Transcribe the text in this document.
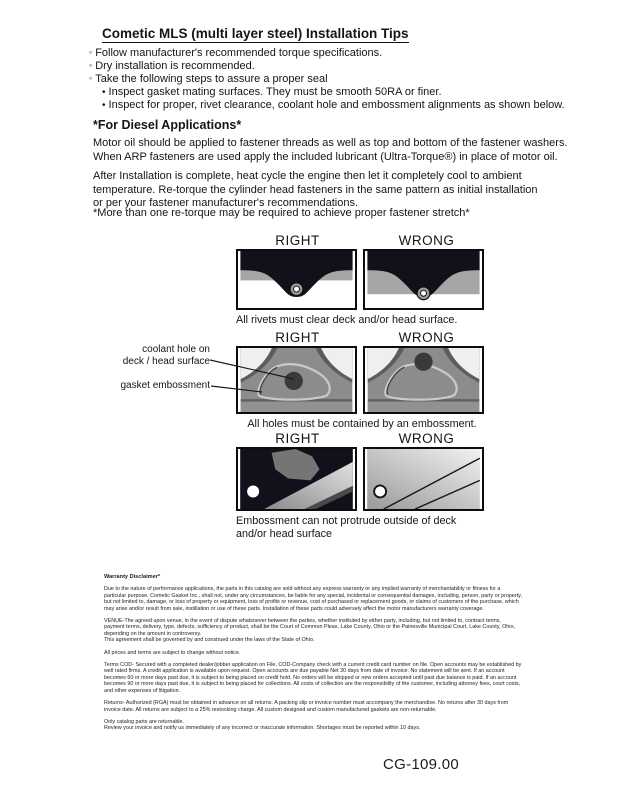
Cometic MLS (multi layer steel) Installation Tips
◦ Follow manufacturer's recommended torque specifications.
◦ Dry installation is recommended.
◦ Take the following steps to assure a proper seal
• Inspect gasket mating surfaces. They must be smooth 50RA or finer.
• Inspect for proper, rivet clearance, coolant hole and embossment alignments as shown below.
*For Diesel Applications*
Motor oil should be applied to fastener threads as well as top and bottom of the fastener washers.
When ARP fasteners are used apply the included lubricant (Ultra-Torque®) in place of motor oil.
After Installation is complete, heat cycle the engine then let it completely cool to ambient
temperature. Re-torque the cylinder head fasteners in the same pattern as initial installation
or per your fastener manufacturer's recommendations.
*More than one re-torque may be required to achieve proper fastener stretch*
RIGHT	WRONG
All rivets must clear deck and/or head surface.
RIGHT	WRONG
All holes must be contained by an embossment.
coolant hole on
deck / head surface
gasket embossment
RIGHT	WRONG
Embossment can not protrude outside of deck
and/or head surface
Warranty Disclaimer*

Due to the nature of performance applications, the parts in this catalog are sold without any express warranty or any implied warranty of merchantability or fitness for a particular purpose. Cometic Gasket Inc., shall not, under any circumstances, be liable for any special, incidental or consequential damages, including, person, party or property, but not limited to, damage, or loss of property or equipment, loss of profits or revenue, cost of purchased or replacement goods, or claims of customers of the purchase, which may arise and/or result from sale, instillation or use of these parts. Installation of these parts could adversely affect the motor manufacturers warranty coverage.

VENUE-The agreed upon venue, in the event of dispute whatsoever between the parties, whether instituted by either party, including, but not limited to, contract terms, payment terms, delivery, type, defects, sufficiency of product, shall be the Court of Common Pleas, Lake County, Ohio or the Painesville Municipal Court, Lake County, Ohio, depending on the amount in controversy.

This agreement shall be governed by and construed under the laws of the State of Ohio.

All prices and terms are subject to change without notice.

Terms COD- Secured with a completed dealer/jobber application on File, COD-Company check with a current credit card number on file. Open accounts may be established by well rated firms. A credit application is available upon request. Open accounts are due payable Net 30 days from date of invoice. No statement will be sent. If an account becomes 60 or more days past due, it is subject to being placed on credit hold. No orders will be shipped or new orders accepted until past due balance is paid. If an account becomes 90 or more days past due, it is subject to being placed for collections. All costs of collection are the responsibility of the customer, including attorney fees, court costs, and other expenses of litigation.

Returns- Authorized (RGA) must be obtained in advance on all returns. A packing slip or invoice number must accompany the merchandise. No returns after 30 days from invoice date. All returns are subject to a 25% restocking charge. All custom designed and custom manufactured gaskets are non-returnable.

Only catalog parts are returnable.

Review your invoice and notify us immediately of any incorrect or inaccurate information. Shortages must be reported within 10 days.

CG-109.00
